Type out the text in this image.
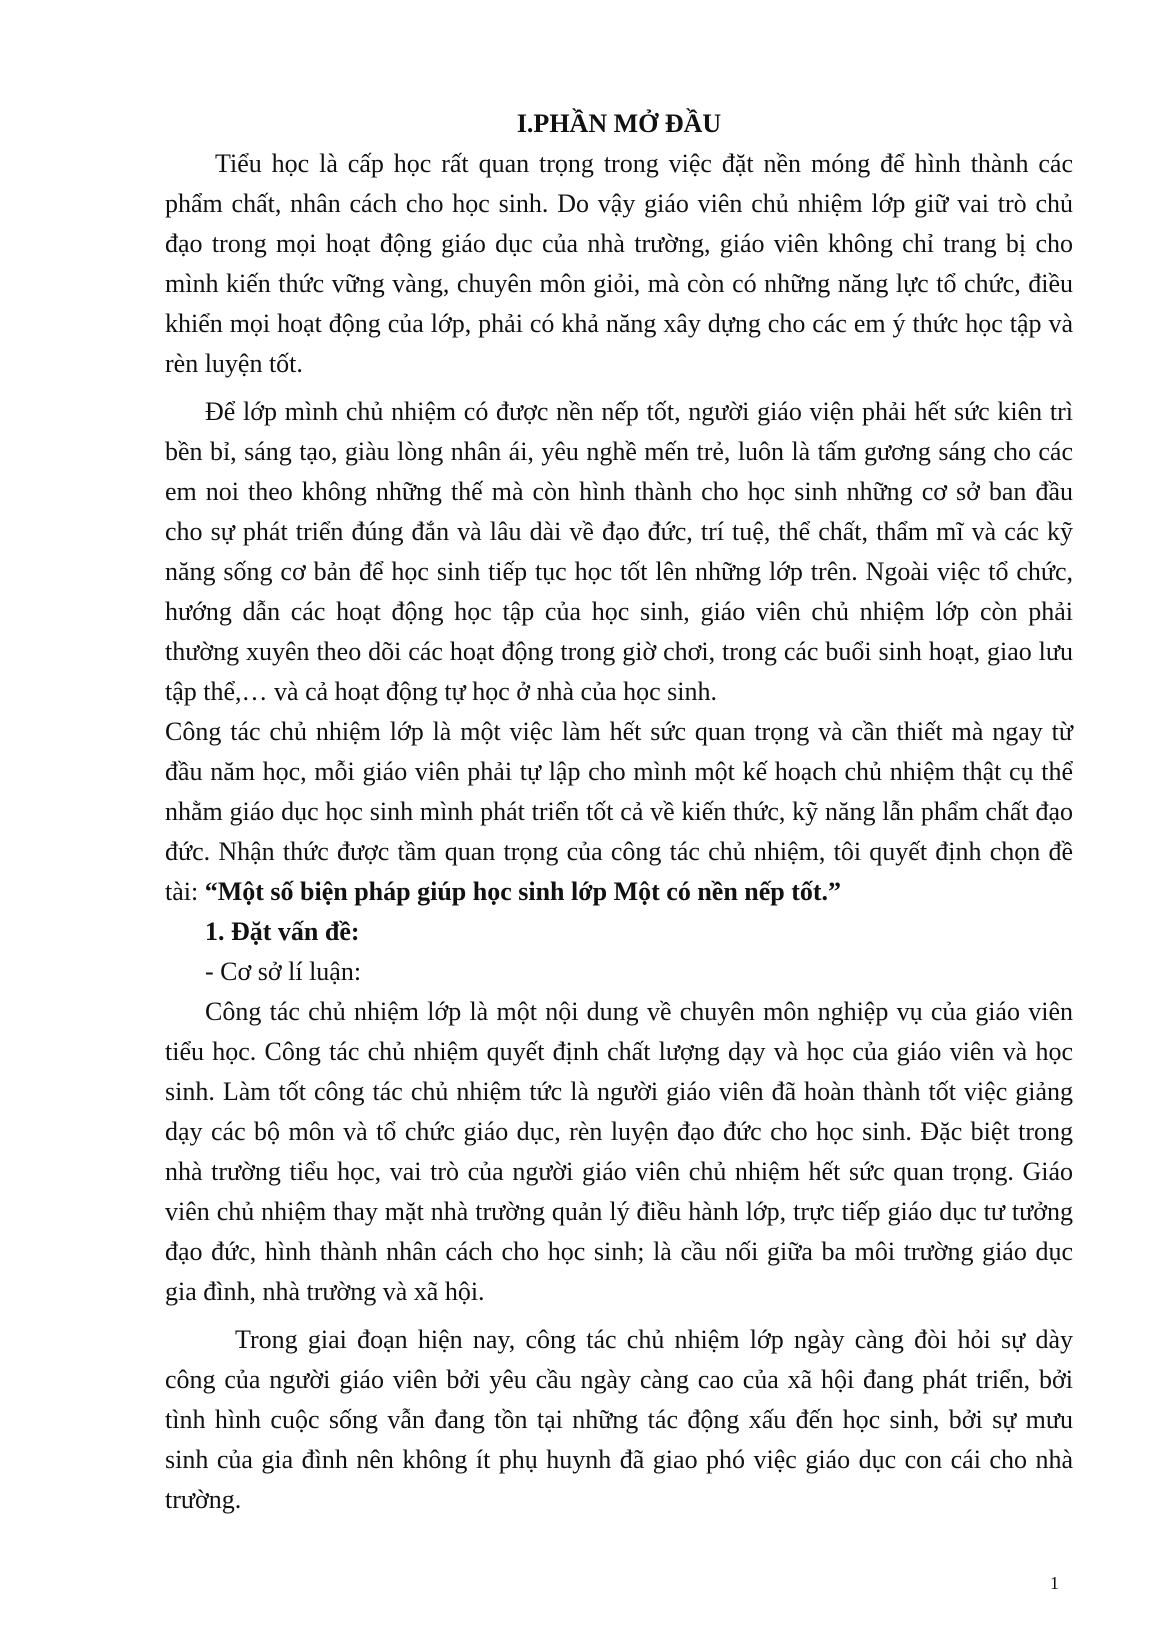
I.PHẦN MỞ ĐẦU

Tiểu học là cấp học rất quan trọng trong việc đặt nền móng để hình thành các phẩm chất, nhân cách cho học sinh. Do vậy giáo viên chủ nhiệm lớp giữ vai trò chủ đạo trong mọi hoạt động giáo dục của nhà trường, giáo viên không chỉ trang bị cho mình kiến thức vững vàng, chuyên môn giỏi, mà còn có những năng lực tổ chức, điều khiển mọi hoạt động của lớp, phải có khả năng xây dựng cho các em ý thức học tập và rèn luyện tốt.

Để lớp mình chủ nhiệm có được nền nếp tốt, người giáo viện phải hết sức kiên trì bền bỉ, sáng tạo, giàu lòng nhân ái, yêu nghề mến trẻ, luôn là tấm gương sáng cho các em noi theo không những thế mà còn hình thành cho học sinh những cơ sở ban đầu cho sự phát triển đúng đắn và lâu dài về đạo đức, trí tuệ, thể chất, thẩm mĩ và các kỹ năng sống cơ bản để học sinh tiếp tục học tốt lên những lớp trên. Ngoài việc tổ chức, hướng dẫn các hoạt động học tập của học sinh, giáo viên chủ nhiệm lớp còn phải thường xuyên theo dõi các hoạt động trong giờ chơi, trong các buổi sinh hoạt, giao lưu tập thể,… và cả hoạt động tự học ở nhà của học sinh.

Công tác chủ nhiệm lớp là một việc làm hết sức quan trọng và cần thiết mà ngay từ đầu năm học, mỗi giáo viên phải tự lập cho mình một kế hoạch chủ nhiệm thật cụ thể nhằm giáo dục học sinh mình phát triển tốt cả về kiến thức, kỹ năng lẫn phẩm chất đạo đức. Nhận thức được tầm quan trọng của công tác chủ nhiệm, tôi quyết định chọn đề tài: “Một số biện pháp giúp học sinh lớp Một có nền nếp tốt.”

1. Đặt vấn đề:
- Cơ sở lí luận:

Công tác chủ nhiệm lớp là một nội dung về chuyên môn nghiệp vụ của giáo viên tiểu học. Công tác chủ nhiệm quyết định chất lượng dạy và học của giáo viên và học sinh. Làm tốt công tác chủ nhiệm tức là người giáo viên đã hoàn thành tốt việc giảng dạy các bộ môn và tổ chức giáo dục, rèn luyện đạo đức cho học sinh. Đặc biệt trong nhà trường tiểu học, vai trò của người giáo viên chủ nhiệm hết sức quan trọng. Giáo viên chủ nhiệm thay mặt nhà trường quản lý điều hành lớp, trực tiếp giáo dục tư tưởng đạo đức, hình thành nhân cách cho học sinh; là cầu nối giữa ba môi trường giáo dục gia đình, nhà trường và xã hội.

Trong giai đoạn hiện nay, công tác chủ nhiệm lớp ngày càng đòi hỏi sự dày công của người giáo viên bởi yêu cầu ngày càng cao của xã hội đang phát triển, bởi tình hình cuộc sống vẫn đang tồn tại những tác động xấu đến học sinh, bởi sự mưu sinh của gia đình nên không ít phụ huynh đã giao phó việc giáo dục con cái cho nhà trường.

1
